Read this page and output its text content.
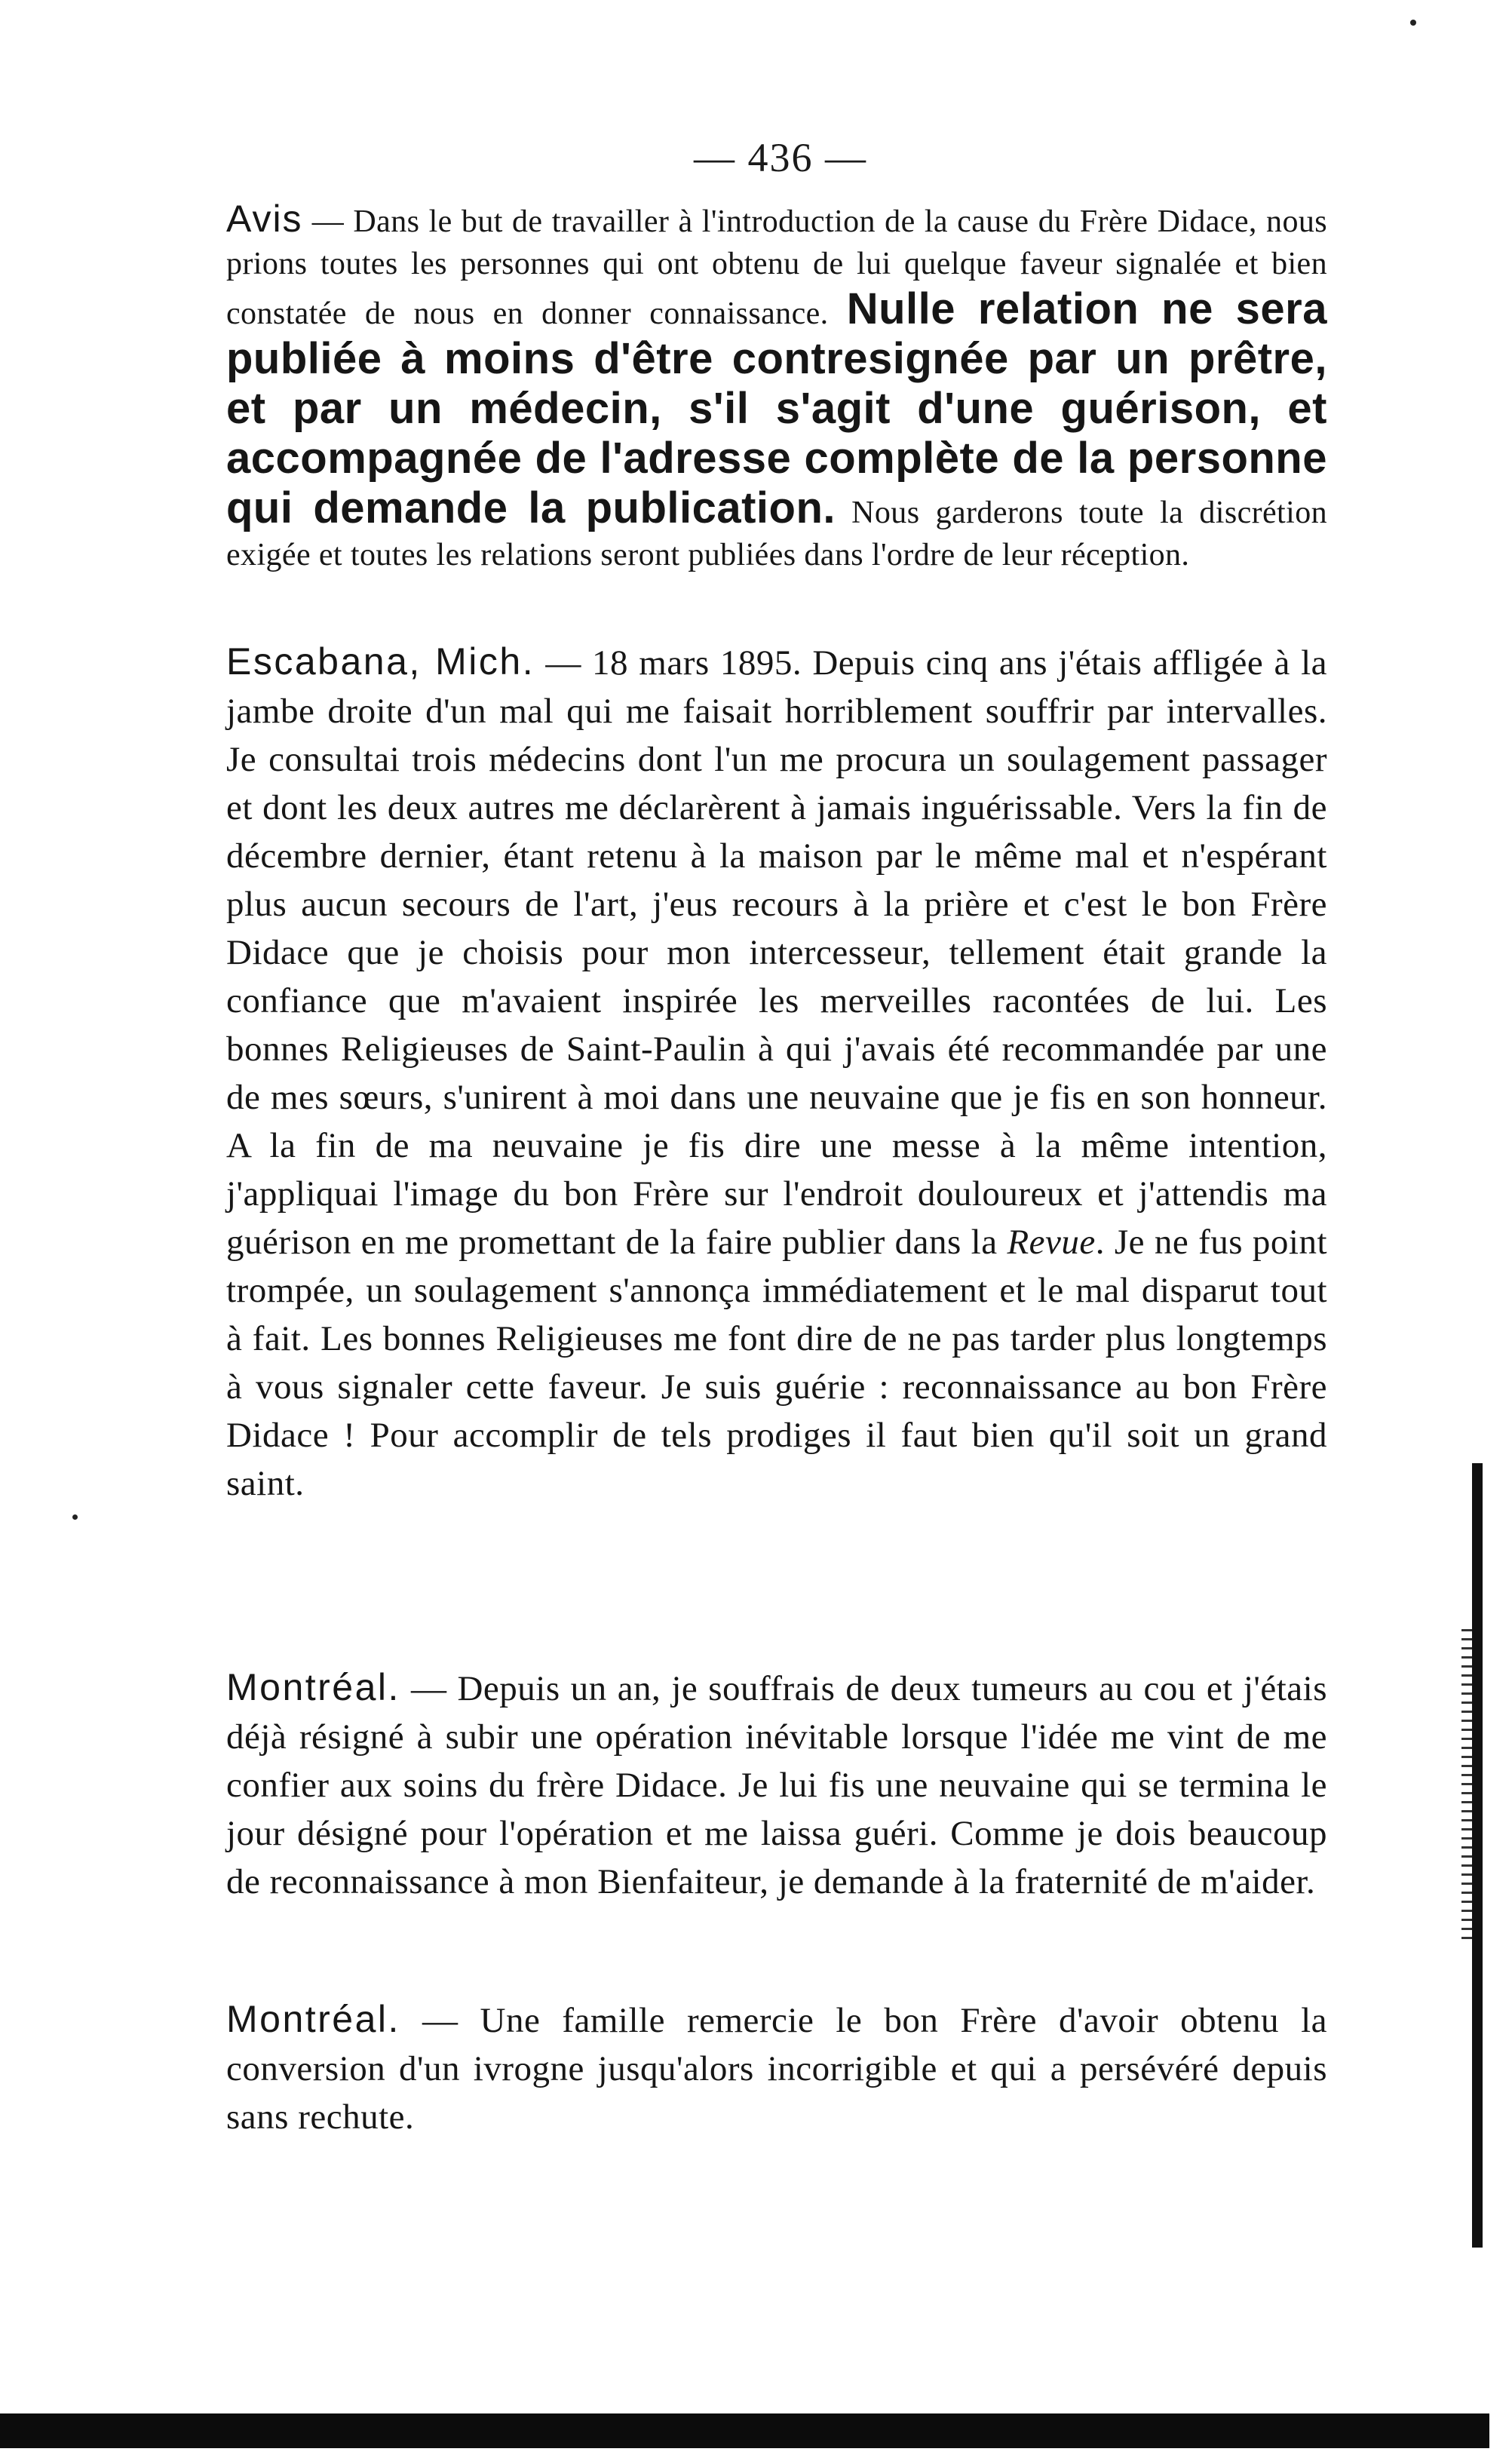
— 436 —
Avis — Dans le but de travailler à l'introduction de la cause du Frère Didace, nous prions toutes les personnes qui ont obtenu de lui quelque faveur signalée et bien constatée de nous en donner connaissance. Nulle relation ne sera publiée à moins d'être contresignée par un prêtre, et par un médecin, s'il s'agit d'une guérison, et accompagnée de l'adresse complète de la personne qui demande la publication. Nous garderons toute la discrétion exigée et toutes les relations seront publiées dans l'ordre de leur réception.
Escabana, Mich. — 18 mars 1895. Depuis cinq ans j'étais affligée à la jambe droite d'un mal qui me faisait horriblement souffrir par intervalles. Je consultai trois médecins dont l'un me procura un soulagement passager et dont les deux autres me déclarèrent à jamais inguérissable. Vers la fin de décembre dernier, étant retenu à la maison par le même mal et n'espérant plus aucun secours de l'art, j'eus recours à la prière et c'est le bon Frère Didace que je choisis pour mon intercesseur, tellement était grande la confiance que m'avaient inspirée les merveilles racontées de lui. Les bonnes Religieuses de Saint-Paulin à qui j'avais été recommandée par une de mes sœurs, s'unirent à moi dans une neuvaine que je fis en son honneur. A la fin de ma neuvaine je fis dire une messe à la même intention, j'appliquai l'image du bon Frère sur l'endroit douloureux et j'attendis ma guérison en me promettant de la faire publier dans la Revue. Je ne fus point trompée, un soulagement s'annonça immédiatement et le mal disparut tout à fait. Les bonnes Religieuses me font dire de ne pas tarder plus longtemps à vous signaler cette faveur. Je suis guérie : reconnaissance au bon Frère Didace ! Pour accomplir de tels prodiges il faut bien qu'il soit un grand saint.
Montréal. — Depuis un an, je souffrais de deux tumeurs au cou et j'étais déjà résigné à subir une opération inévitable lorsque l'idée me vint de me confier aux soins du frère Didace. Je lui fis une neuvaine qui se termina le jour désigné pour l'opération et me laissa guéri. Comme je dois beaucoup de reconnaissance à mon Bienfaiteur, je demande à la fraternité de m'aider.
Montréal. — Une famille remercie le bon Frère d'avoir obtenu la conversion d'un ivrogne jusqu'alors incorrigible et qui a persévéré depuis sans rechute.
